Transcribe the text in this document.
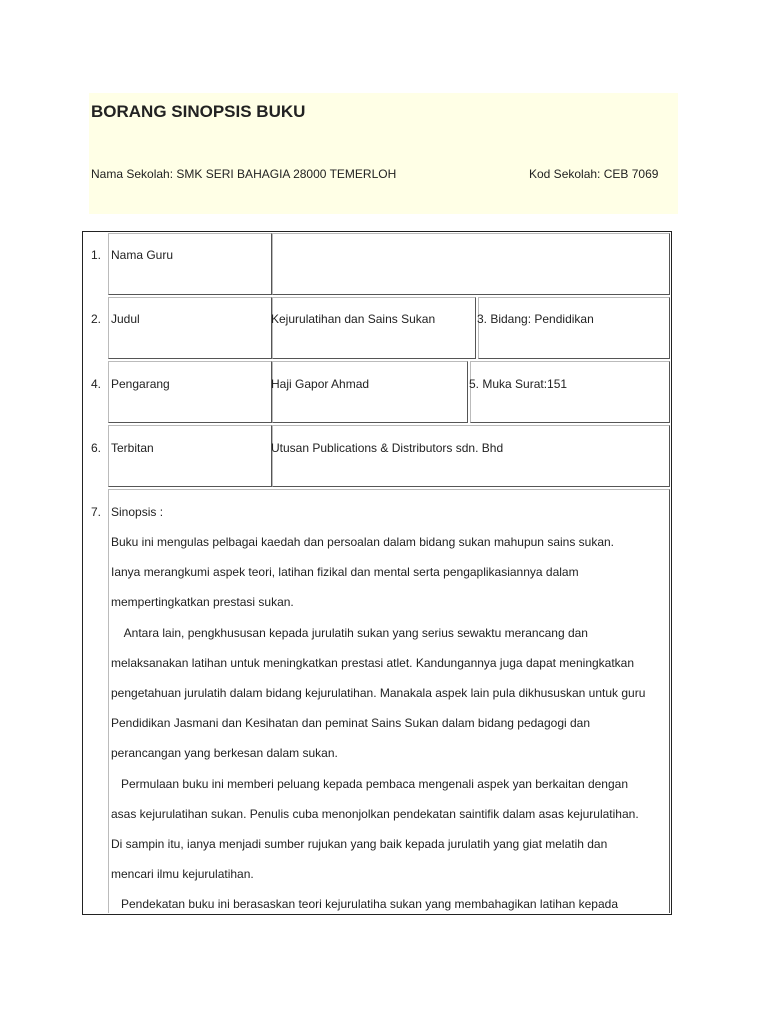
BORANG SINOPSIS BUKU
Nama Sekolah: SMK SERI BAHAGIA 28000 TEMERLOH	Kod Sekolah: CEB 7069
1. Nama Guru
2. Judul	Kejurulatihan dan Sains Sukan	3. Bidang: Pendidikan
4. Pengarang	Haji Gapor Ahmad	5. Muka Surat:151
6. Terbitan	Utusan Publications & Distributors sdn. Bhd
7. Sinopsis :
Buku ini mengulas pelbagai kaedah dan persoalan dalam bidang sukan mahupun sains sukan.
Ianya merangkumi aspek teori, latihan fizikal dan mental serta pengaplikasiannya dalam
mempertingkatkan prestasi sukan.
Antara lain, pengkhususan kepada jurulatih sukan yang serius sewaktu merancang dan
melaksanakan latihan untuk meningkatkan prestasi atlet. Kandungannya juga dapat meningkatkan
pengetahuan jurulatih dalam bidang kejurulatihan. Manakala aspek lain pula dikhususkan untuk guru
Pendidikan Jasmani dan Kesihatan dan peminat Sains Sukan dalam bidang pedagogi dan
perancangan yang berkesan dalam sukan.
Permulaan buku ini memberi peluang kepada pembaca mengenali aspek yan berkaitan dengan
asas kejurulatihan sukan. Penulis cuba menonjolkan pendekatan saintifik dalam asas kejurulatihan.
Di sampin itu, ianya menjadi sumber rujukan yang baik kepada jurulatih yang giat melatih dan
mencari ilmu kejurulatihan.
Pendekatan buku ini berasaskan teori kejurulatiha sukan yang membahagikan latihan kepada
